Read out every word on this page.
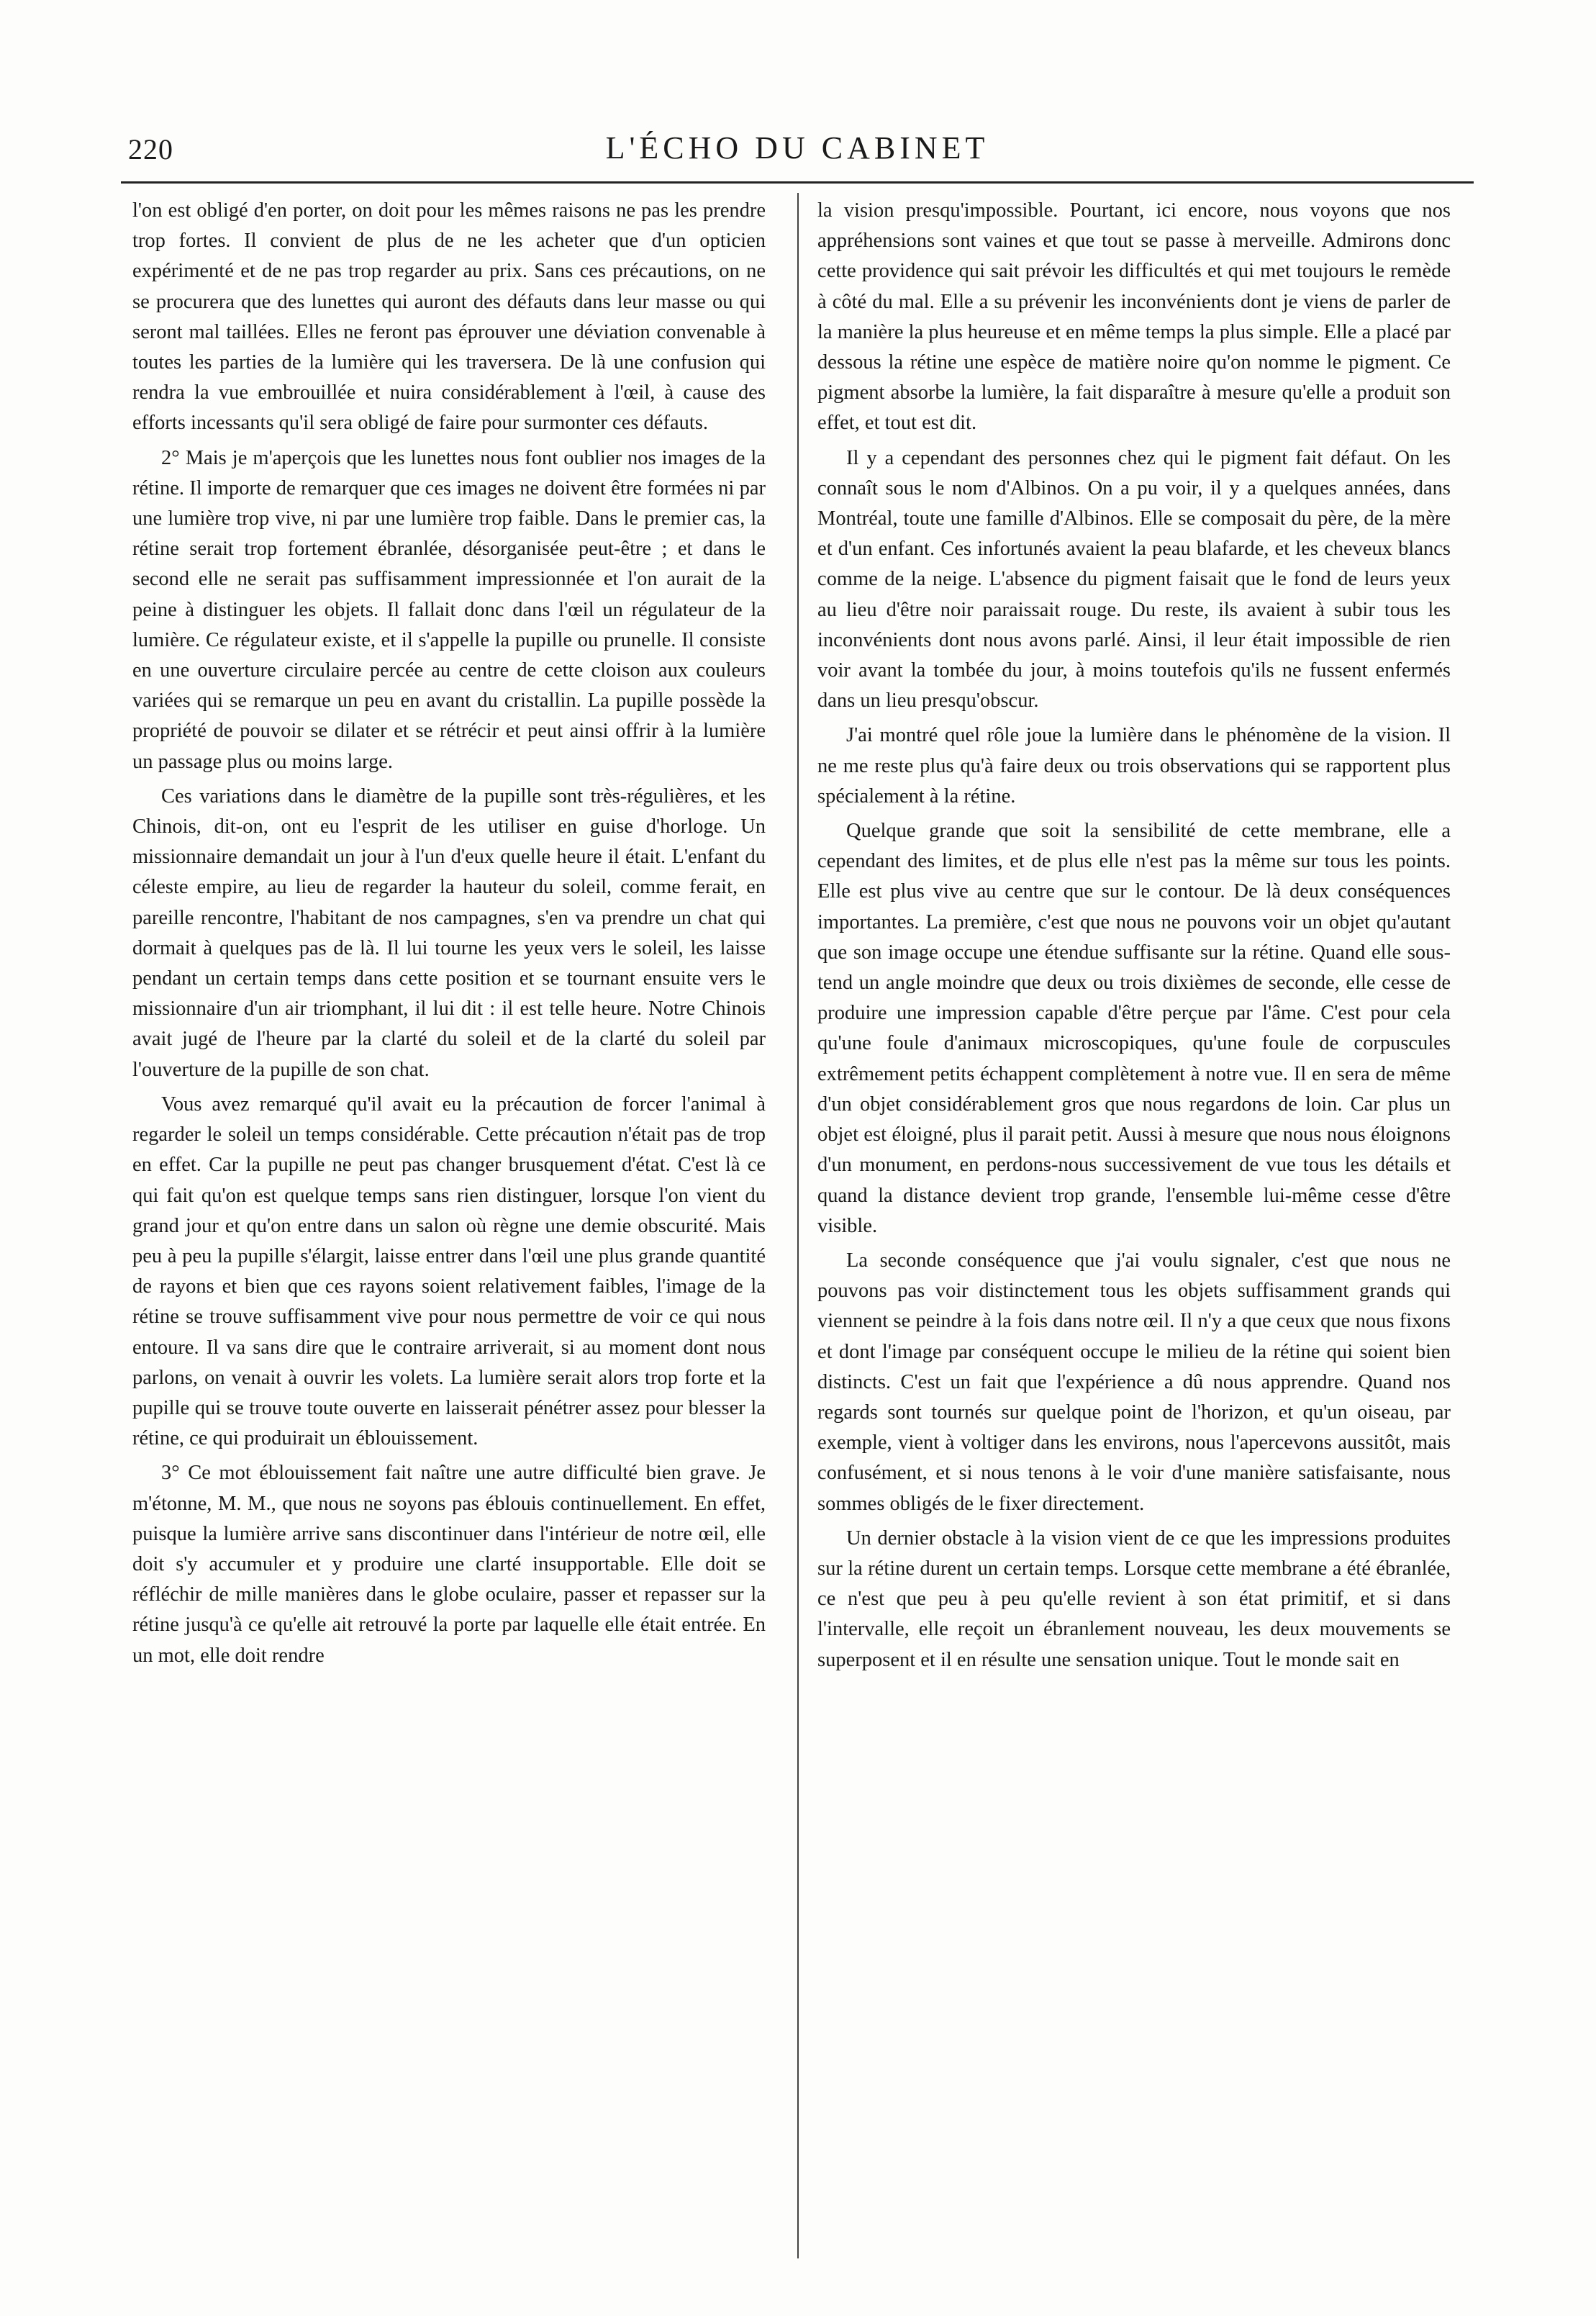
220	L'ÉCHO DU CABINET

l'on est obligé d'en porter, on doit pour les mêmes raisons ne pas les prendre trop fortes. Il convient de plus de ne les acheter que d'un opticien expérimenté et de ne pas trop regarder au prix. Sans ces précautions, on ne se procurera que des lunettes qui auront des défauts dans leur masse ou qui seront mal taillées. Elles ne feront pas éprouver une déviation convenable à toutes les parties de la lumière qui les traversera. De là une confusion qui rendra la vue embrouillée et nuira considérablement à l'œil, à cause des efforts incessants qu'il sera obligé de faire pour surmonter ces défauts.

2° Mais je m'aperçois que les lunettes nous font oublier nos images de la rétine. Il importe de remarquer que ces images ne doivent être formées ni par une lumière trop vive, ni par une lumière trop faible. Dans le premier cas, la rétine serait trop fortement ébranlée, désorganisée peut-être ; et dans le second elle ne serait pas suffisamment impressionnée et l'on aurait de la peine à distinguer les objets. Il fallait donc dans l'œil un régulateur de la lumière. Ce régulateur existe, et il s'appelle la pupille ou prunelle. Il consiste en une ouverture circulaire percée au centre de cette cloison aux couleurs variées qui se remarque un peu en avant du cristallin. La pupille possède la propriété de pouvoir se dilater et se rétrécir et peut ainsi offrir à la lumière un passage plus ou moins large.

Ces variations dans le diamètre de la pupille sont très-régulières, et les Chinois, dit-on, ont eu l'esprit de les utiliser en guise d'horloge. Un missionnaire demandait un jour à l'un d'eux quelle heure il était. L'enfant du céleste empire, au lieu de regarder la hauteur du soleil, comme ferait, en pareille rencontre, l'habitant de nos campagnes, s'en va prendre un chat qui dormait à quelques pas de là. Il lui tourne les yeux vers le soleil, les laisse pendant un certain temps dans cette position et se tournant ensuite vers le missionnaire d'un air triomphant, il lui dit : il est telle heure. Notre Chinois avait jugé de l'heure par la clarté du soleil et de la clarté du soleil par l'ouverture de la pupille de son chat.

Vous avez remarqué qu'il avait eu la précaution de forcer l'animal à regarder le soleil un temps considérable. Cette précaution n'était pas de trop en effet. Car la pupille ne peut pas changer brusquement d'état. C'est là ce qui fait qu'on est quelque temps sans rien distinguer, lorsque l'on vient du grand jour et qu'on entre dans un salon où règne une demie obscurité. Mais peu à peu la pupille s'élargit, laisse entrer dans l'œil une plus grande quantité de rayons et bien que ces rayons soient relativement faibles, l'image de la rétine se trouve suffisamment vive pour nous permettre de voir ce qui nous entoure. Il va sans dire que le contraire arriverait, si au moment dont nous parlons, on venait à ouvrir les volets. La lumière serait alors trop forte et la pupille qui se trouve toute ouverte en laisserait pénétrer assez pour blesser la rétine, ce qui produirait un éblouissement.

3° Ce mot éblouissement fait naître une autre difficulté bien grave. Je m'étonne, M. M., que nous ne soyons pas éblouis continuellement. En effet, puisque la lumière arrive sans discontinuer dans l'intérieur de notre œil, elle doit s'y accumuler et y produire une clarté insupportable. Elle doit se réfléchir de mille manières dans le globe oculaire, passer et repasser sur la rétine jusqu'à ce qu'elle ait retrouvé la porte par laquelle elle était entrée. En un mot, elle doit rendre

la vision presqu'impossible. Pourtant, ici encore, nous voyons que nos appréhensions sont vaines et que tout se passe à merveille. Admirons donc cette providence qui sait prévoir les difficultés et qui met toujours le remède à côté du mal. Elle a su prévenir les inconvénients dont je viens de parler de la manière la plus heureuse et en même temps la plus simple. Elle a placé par dessous la rétine une espèce de matière noire qu'on nomme le pigment. Ce pigment absorbe la lumière, la fait disparaître à mesure qu'elle a produit son effet, et tout est dit.

Il y a cependant des personnes chez qui le pigment fait défaut. On les connaît sous le nom d'Albinos. On a pu voir, il y a quelques années, dans Montréal, toute une famille d'Albinos. Elle se composait du père, de la mère et d'un enfant. Ces infortunés avaient la peau blafarde, et les cheveux blancs comme de la neige. L'absence du pigment faisait que le fond de leurs yeux au lieu d'être noir paraissait rouge. Du reste, ils avaient à subir tous les inconvénients dont nous avons parlé. Ainsi, il leur était impossible de rien voir avant la tombée du jour, à moins toutefois qu'ils ne fussent enfermés dans un lieu presqu'obscur.

J'ai montré quel rôle joue la lumière dans le phénomène de la vision. Il ne me reste plus qu'à faire deux ou trois observations qui se rapportent plus spécialement à la rétine.

Quelque grande que soit la sensibilité de cette membrane, elle a cependant des limites, et de plus elle n'est pas la même sur tous les points. Elle est plus vive au centre que sur le contour. De là deux conséquences importantes. La première, c'est que nous ne pouvons voir un objet qu'autant que son image occupe une étendue suffisante sur la rétine. Quand elle sous-tend un angle moindre que deux ou trois dixièmes de seconde, elle cesse de produire une impression capable d'être perçue par l'âme. C'est pour cela qu'une foule d'animaux microscopiques, qu'une foule de corpuscules extrêmement petits échappent complètement à notre vue. Il en sera de même d'un objet considérablement gros que nous regardons de loin. Car plus un objet est éloigné, plus il parait petit. Aussi à mesure que nous nous éloignons d'un monument, en perdons-nous successivement de vue tous les détails et quand la distance devient trop grande, l'ensemble lui-même cesse d'être visible.

La seconde conséquence que j'ai voulu signaler, c'est que nous ne pouvons pas voir distinctement tous les objets suffisamment grands qui viennent se peindre à la fois dans notre œil. Il n'y a que ceux que nous fixons et dont l'image par conséquent occupe le milieu de la rétine qui soient bien distincts. C'est un fait que l'expérience a dû nous apprendre. Quand nos regards sont tournés sur quelque point de l'horizon, et qu'un oiseau, par exemple, vient à voltiger dans les environs, nous l'apercevons aussitôt, mais confusément, et si nous tenons à le voir d'une manière satisfaisante, nous sommes obligés de le fixer directement.

Un dernier obstacle à la vision vient de ce que les impressions produites sur la rétine durent un certain temps. Lorsque cette membrane a été ébranlée, ce n'est que peu à peu qu'elle revient à son état primitif, et si dans l'intervalle, elle reçoit un ébranlement nouveau, les deux mouvements se superposent et il en résulte une sensation unique. Tout le monde sait en
